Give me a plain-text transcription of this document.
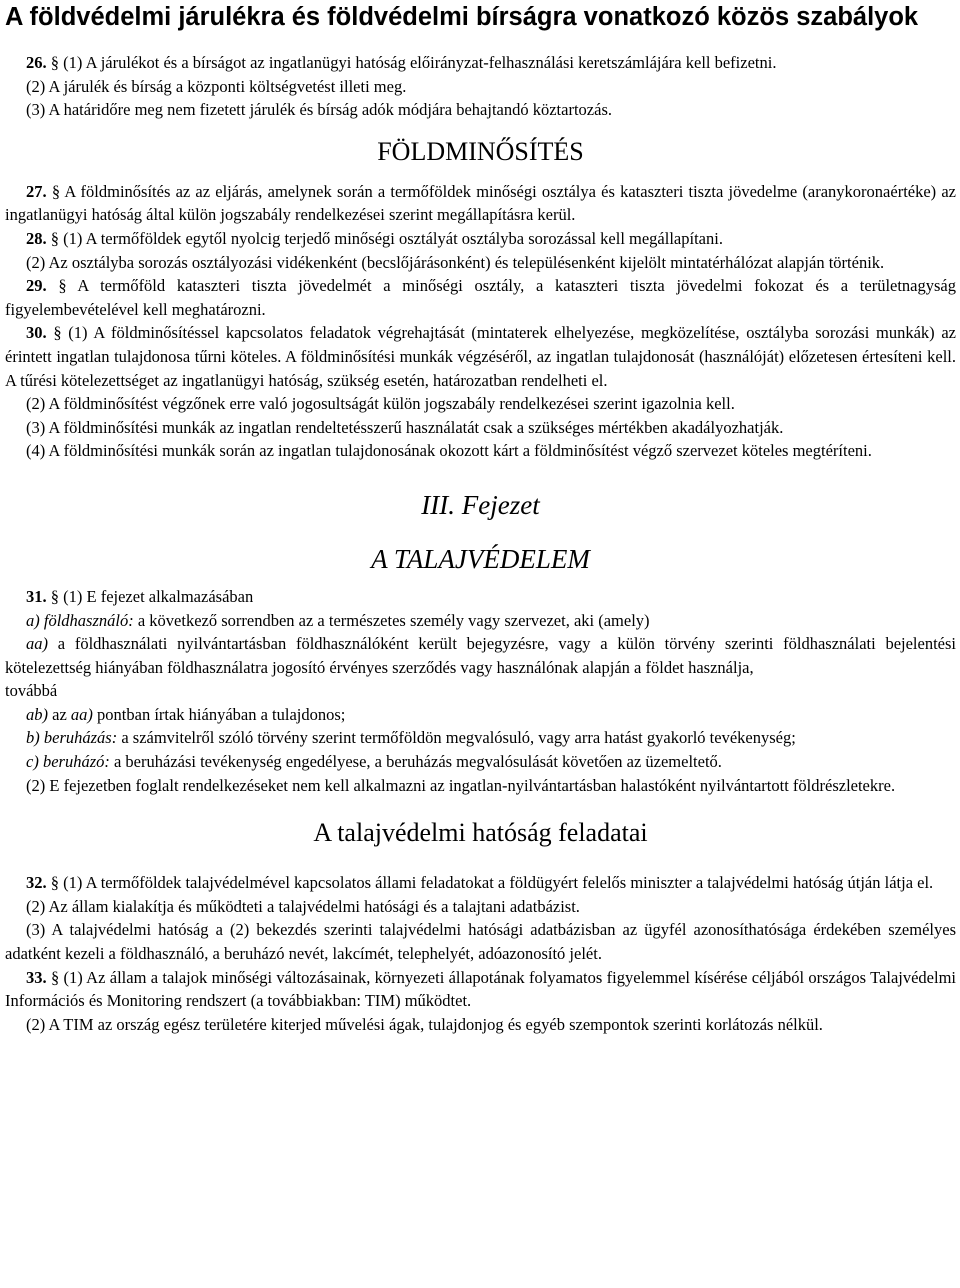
A földvédelmi járulékra és földvédelmi bírságra vonatkozó közös szabályok

26. § (1) A járulékot és a bírságot az ingatlanügyi hatóság előirányzat-felhasználási keretszámlájára kell befizetni.

(2) A járulék és bírság a központi költségvetést illeti meg.

(3) A határidőre meg nem fizetett járulék és bírság adók módjára behajtandó köztartozás.

FÖLDMINŐSÍTÉS

27. § A földminősítés az az eljárás, amelynek során a termőföldek minőségi osztálya és kataszteri tiszta jövedelme (aranykoronaértéke) az ingatlanügyi hatóság által külön jogszabály rendelkezései szerint megállapításra kerül.

28. § (1) A termőföldek egytől nyolcig terjedő minőségi osztályát osztályba sorozással kell megállapítani.

(2) Az osztályba sorozás osztályozási vidékenként (becslőjárásonként) és településenként kijelölt mintatérhálózat alapján történik.

29. § A termőföld kataszteri tiszta jövedelmét a minőségi osztály, a kataszteri tiszta jövedelmi fokozat és a területnagyság figyelembevételével kell meghatározni.

30. § (1) A földminősítéssel kapcsolatos feladatok végrehajtását (mintaterek elhelyezése, megközelítése, osztályba sorozási munkák) az érintett ingatlan tulajdonosa tűrni köteles. A földminősítési munkák végzéséről, az ingatlan tulajdonosát (használóját) előzetesen értesíteni kell. A tűrési kötelezettséget az ingatlanügyi hatóság, szükség esetén, határozatban rendelheti el.

(2) A földminősítést végzőnek erre való jogosultságát külön jogszabály rendelkezései szerint igazolnia kell.

(3) A földminősítési munkák az ingatlan rendeltetésszerű használatát csak a szükséges mértékben akadályozhatják.

(4) A földminősítési munkák során az ingatlan tulajdonosának okozott kárt a földminősítést végző szervezet köteles megtéríteni.

III. Fejezet
A TALAJVÉDELEM

31. § (1) E fejezet alkalmazásában

a) földhasználó: a következő sorrendben az a természetes személy vagy szervezet, aki (amely)

aa) a földhasználati nyilvántartásban földhasználóként került bejegyzésre, vagy a külön törvény szerinti földhasználati bejelentési kötelezettség hiányában földhasználatra jogosító érvényes szerződés vagy használónak alapján a földet használja,

továbbá

ab) az aa) pontban írtak hiányában a tulajdonos;

b) beruházás: a számvitelről szóló törvény szerint termőföldön megvalósuló, vagy arra hatást gyakorló tevékenység;

c) beruházó: a beruházási tevékenység engedélyese, a beruházás megvalósulását követően az üzemeltető.

(2) E fejezetben foglalt rendelkezéseket nem kell alkalmazni az ingatlan-nyilvántartásban halastóként nyilvántartott földrészletekre.

A talajvédelmi hatóság feladatai

32. § (1) A termőföldek talajvédelmével kapcsolatos állami feladatokat a földügyért felelős miniszter a talajvédelmi hatóság útján látja el.

(2) Az állam kialakítja és működteti a talajvédelmi hatósági és a talajtani adatbázist.

(3) A talajvédelmi hatóság a (2) bekezdés szerinti talajvédelmi hatósági adatbázisban az ügyfél azonosíthatósága érdekében személyes adatként kezeli a földhasználó, a beruházó nevét, lakcímét, telephelyét, adóazonosító jelét.

33. § (1) Az állam a talajok minőségi változásainak, környezeti állapotának folyamatos figyelemmel kísérése céljából országos Talajvédelmi Információs és Monitoring rendszert (a továbbiakban: TIM) működtet.

(2) A TIM az ország egész területére kiterjed művelési ágak, tulajdonjog és egyéb szempontok szerinti korlátozás nélkül.
